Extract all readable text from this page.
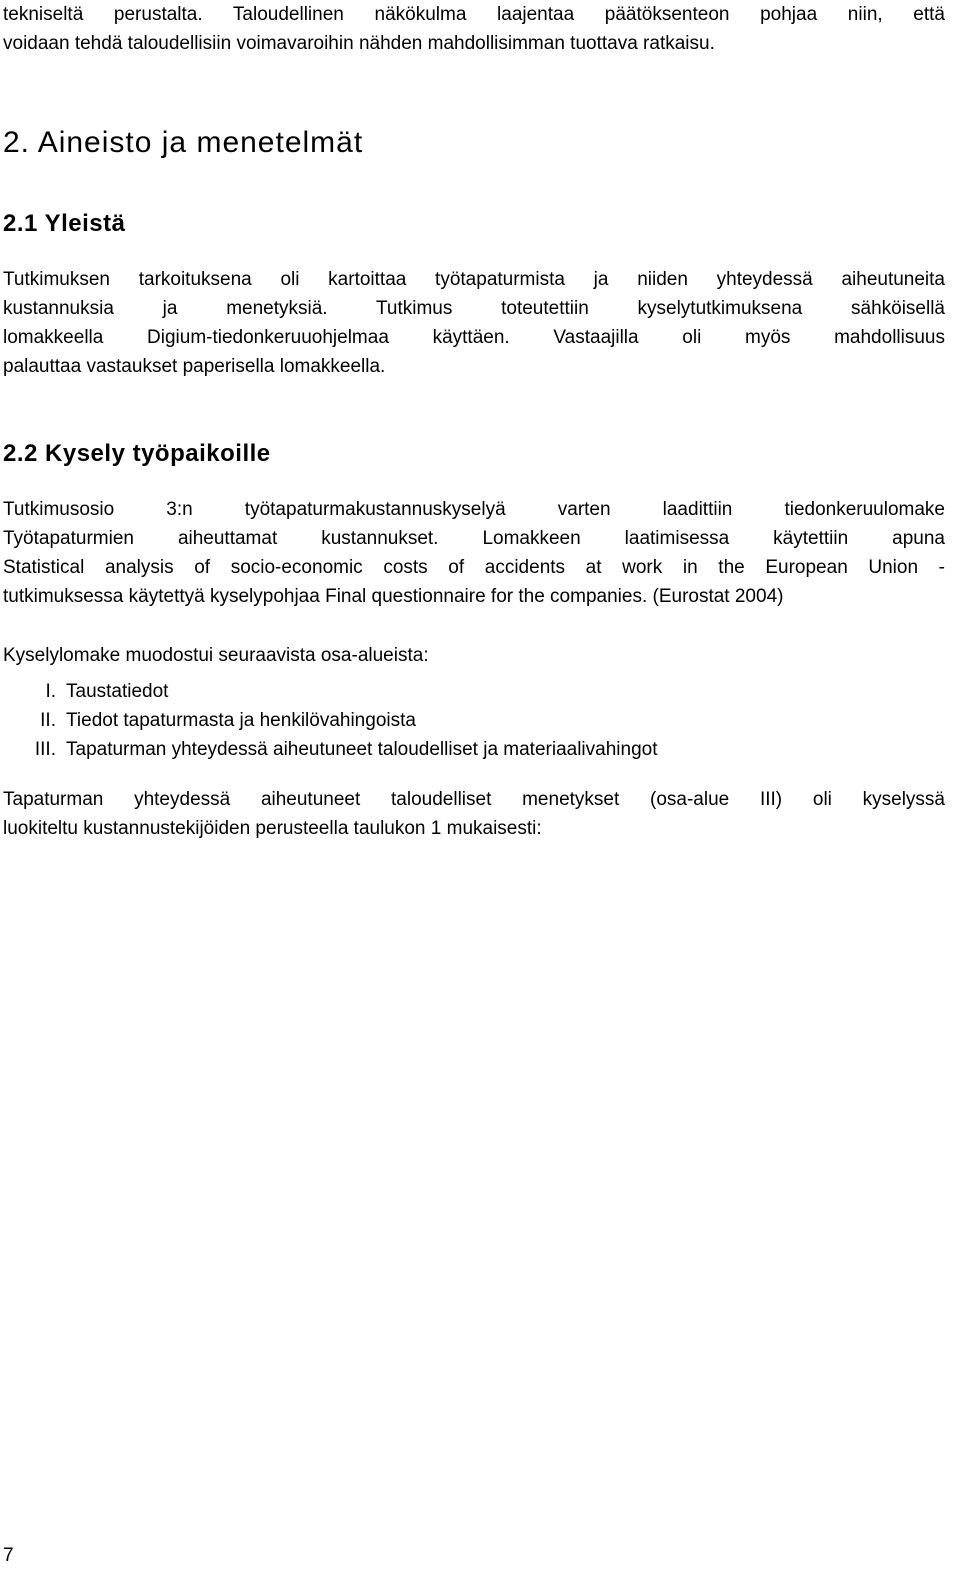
tekniseltä perustalta. Taloudellinen näkökulma laajentaa päätöksenteon pohjaa niin, että
voidaan tehdä taloudellisiin voimavaroihin nähden mahdollisimman tuottava ratkaisu.
2. Aineisto ja menetelmät
2.1 Yleistä
Tutkimuksen tarkoituksena oli kartoittaa työtapaturmista ja niiden yhteydessä aiheutuneita
kustannuksia ja menetyksiä. Tutkimus toteutettiin kyselytutkimuksena sähköisellä
lomakkeella Digium-tiedonkeruuohjelmaa käyttäen. Vastaajilla oli myös mahdollisuus
palauttaa vastaukset paperisella lomakkeella.
2.2 Kysely työpaikoille
Tutkimusosio 3:n työtapaturmakustannuskyselyä varten laadittiin tiedonkeruulomake
Työtapaturmien aiheuttamat kustannukset. Lomakkeen laatimisessa käytettiin apuna
Statistical analysis of socio-economic costs of accidents at work in the European Union -
tutkimuksessa käytettyä kyselypohjaa Final questionnaire for the companies. (Eurostat 2004)
Kyselylomake muodostui seuraavista osa-alueista:
I. Taustatiedot
II. Tiedot tapaturmasta ja henkilövahingoista
III. Tapaturman yhteydessä aiheutuneet taloudelliset ja materiaalivahingot
Tapaturman yhteydessä aiheutuneet taloudelliset menetykset (osa-alue III) oli kyselyssä
luokiteltu kustannustekijöiden perusteella taulukon 1 mukaisesti:
7
